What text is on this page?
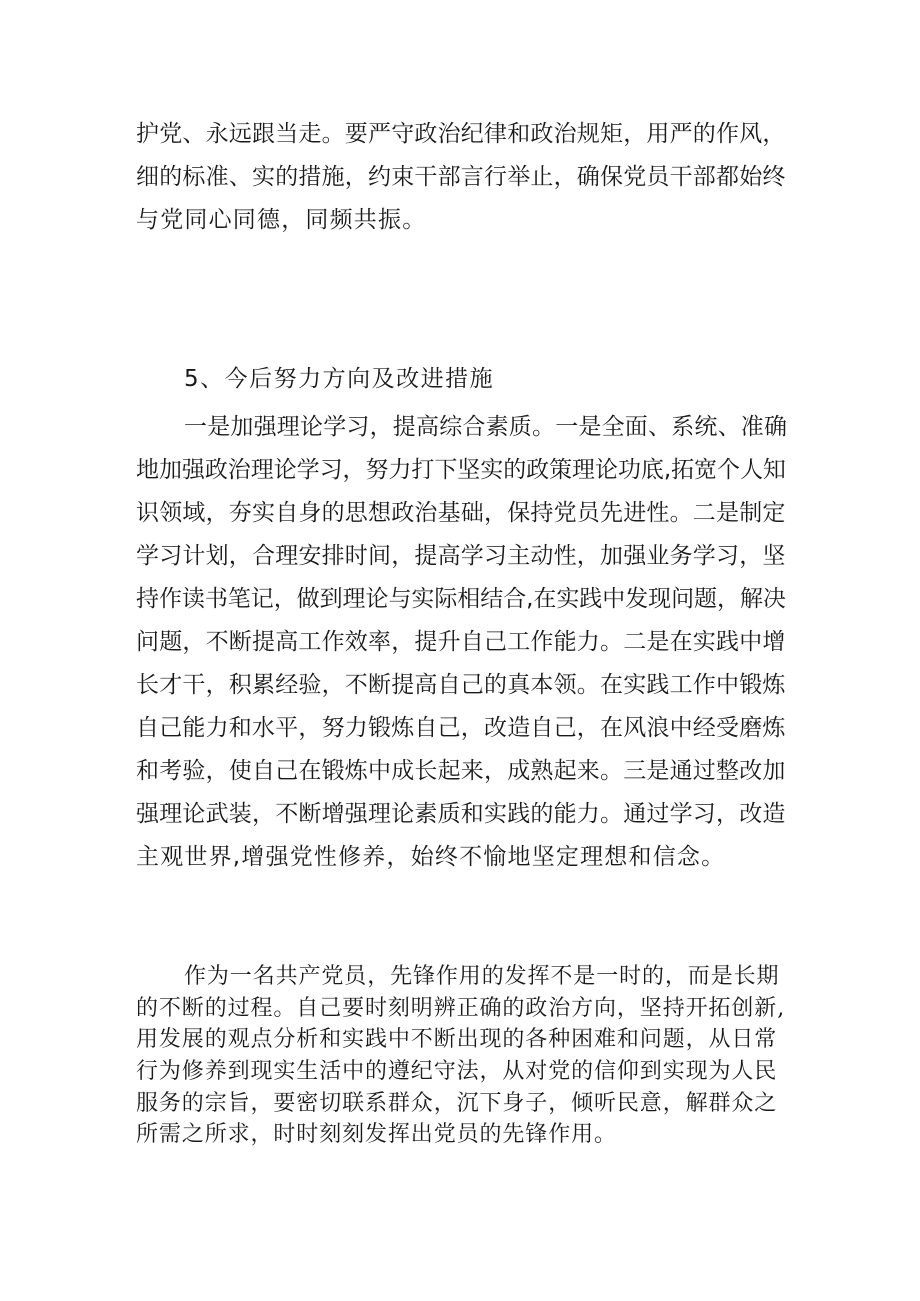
护党、永远跟当走。要严守政治纪律和政治规矩，用严的作风，
细的标准、实的措施，约束干部言行举止，确保党员干部都始终
与党同心同德，同频共振。
5、今后努力方向及改进措施
一是加强理论学习，提高综合素质。一是全面、系统、准确
地加强政治理论学习，努力打下坚实的政策理论功底,拓宽个人知
识领域，夯实自身的思想政治基础，保持党员先进性。二是制定
学习计划，合理安排时间，提高学习主动性，加强业务学习，坚
持作读书笔记，做到理论与实际相结合,在实践中发现问题，解决
问题，不断提高工作效率，提升自己工作能力。二是在实践中增
长才干，积累经验，不断提高自己的真本领。在实践工作中锻炼
自己能力和水平，努力锻炼自己，改造自己，在风浪中经受磨炼
和考验，使自己在锻炼中成长起来，成熟起来。三是通过整改加
强理论武装，不断增强理论素质和实践的能力。通过学习，改造
主观世界,增强党性修养，始终不愉地坚定理想和信念。
作为一名共产党员，先锋作用的发挥不是一时的，而是长期
的不断的过程。自己要时刻明辨正确的政治方向，坚持开拓创新,
用发展的观点分析和实践中不断出现的各种困难和问题，从日常
行为修养到现实生活中的遵纪守法，从对党的信仰到实现为人民
服务的宗旨，要密切联系群众，沉下身子，倾听民意，解群众之
所需之所求，时时刻刻发挥出党员的先锋作用。
